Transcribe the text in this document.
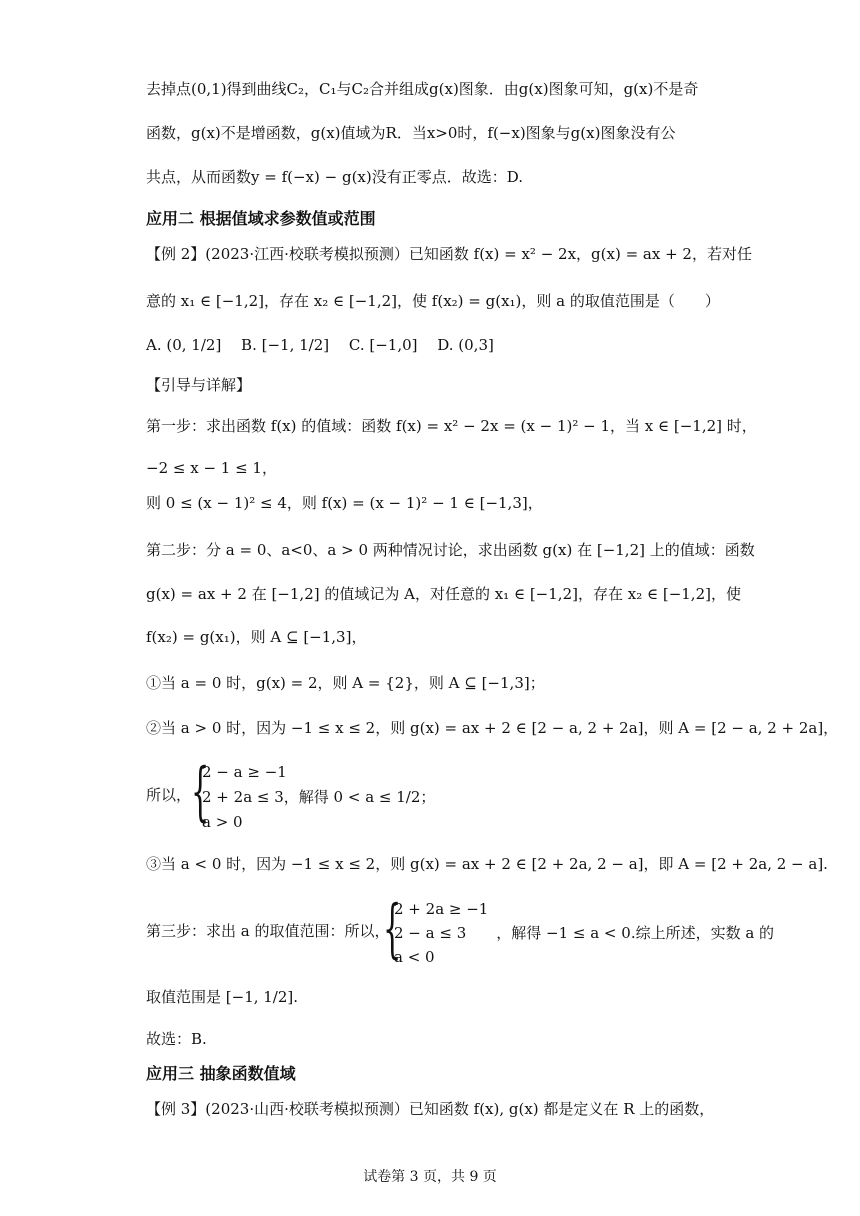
去掉点(0,1)得到曲线C₂，C₁与C₂合并组成g(x)图象．由g(x)图象可知，g(x)不是奇
函数，g(x)不是增函数，g(x)值域为R．当x>0时，f(−x)图象与g(x)图象没有公
共点，从而函数y = f(−x) − g(x)没有正零点．故选：D.
应用二 根据值域求参数值或范围
【例 2】(2023·江西·校联考模拟预测）已知函数 f(x) = x² − 2x，g(x) = ax + 2，若对任
意的 x₁ ∈ [−1,2]，存在 x₂ ∈ [−1,2]，使 f(x₂) = g(x₁)，则 a 的取值范围是（　　）
A. (0, 1/2]　 B. [−1, 1/2]　 C. [−1,0]　 D. (0,3]
【引导与详解】
第一步：求出函数 f(x) 的值域：函数 f(x) = x² − 2x = (x − 1)² − 1，当 x ∈ [−1,2] 时，
−2 ≤ x − 1 ≤ 1，
则 0 ≤ (x − 1)² ≤ 4，则 f(x) = (x − 1)² − 1 ∈ [−1,3]，
第二步：分 a = 0、a<0、a > 0 两种情况讨论，求出函数 g(x) 在 [−1,2] 上的值域：函数
g(x) = ax + 2 在 [−1,2] 的值域记为 A，对任意的 x₁ ∈ [−1,2]，存在 x₂ ∈ [−1,2]，使
f(x₂) = g(x₁)，则 A ⊆ [−1,3]，
①当 a = 0 时，g(x) = 2，则 A = {2}，则 A ⊆ [−1,3]；
②当 a > 0 时，因为 −1 ≤ x ≤ 2，则 g(x) = ax + 2 ∈ [2 − a, 2 + 2a]，则 A = [2 − a, 2 + 2a]，
所以， {
2 − a ≥ −1
2 + 2a ≤ 3，解得 0 < a ≤ 1/2；
a > 0
③当 a < 0 时，因为 −1 ≤ x ≤ 2，则 g(x) = ax + 2 ∈ [2 + 2a, 2 − a]，即 A = [2 + 2a, 2 − a].
第三步：求出 a 的取值范围：所以，
{
2 + 2a ≥ −1
2 − a ≤ 3　　，解得 −1 ≤ a < 0.综上所述，实数 a 的
a < 0
取值范围是 [−1, 1/2].
故选：B.
应用三 抽象函数值域
【例 3】(2023·山西·校联考模拟预测）已知函数 f(x), g(x) 都是定义在 R 上的函数，
试卷第 3 页，共 9 页
